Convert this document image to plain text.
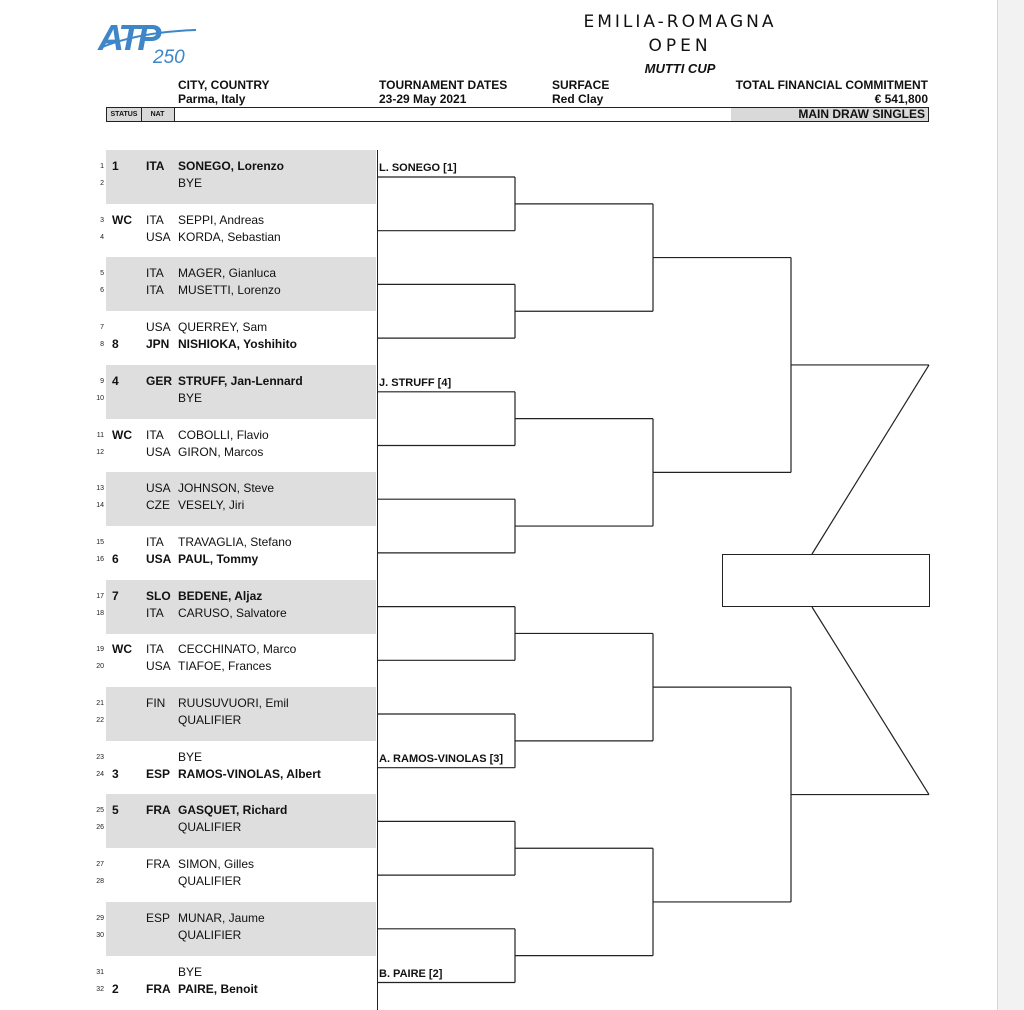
ATP
250
EMILIA-ROMAGNA
OPEN
MUTTI CUP
CITY, COUNTRY
Parma, Italy
TOURNAMENT DATES
23-29 May 2021
SURFACE
Red Clay
TOTAL FINANCIAL COMMITMENT
€ 541,800
STATUS	NAT	MAIN DRAW SINGLES
1 1	ITA	SONEGO, Lorenzo
2	BYE
3 WC	ITA	SEPPI, Andreas
4	USA KORDA, Sebastian
5	ITA	MAGER, Gianluca
6	ITA	MUSETTI, Lorenzo
7	USA QUERREY, Sam
8 8	JPN NISHIOKA, Yoshihito
9 4	GER STRUFF, Jan-Lennard
10	BYE
11 WC	ITA	COBOLLI, Flavio
12	USA GIRON, Marcos
13	USA JOHNSON, Steve
14	CZE VESELY, Jiri
15	ITA	TRAVAGLIA, Stefano
16 6	USA PAUL, Tommy
17 7	SLO BEDENE, Aljaz
18	ITA	CARUSO, Salvatore
19 WC	ITA	CECCHINATO, Marco
20	USA TIAFOE, Frances
21	FIN	RUUSUVUORI, Emil
22	QUALIFIER
23	BYE
24 3	ESP RAMOS-VINOLAS, Albert
25 5	FRA GASQUET, Richard
26	QUALIFIER
27	FRA SIMON, Gilles
28	QUALIFIER
29	ESP MUNAR, Jaume
30	QUALIFIER
31	BYE
32 2	FRA PAIRE, Benoit
L. SONEGO [1]
J. STRUFF [4]
A. RAMOS-VINOLAS [3]
B. PAIRE [2]
